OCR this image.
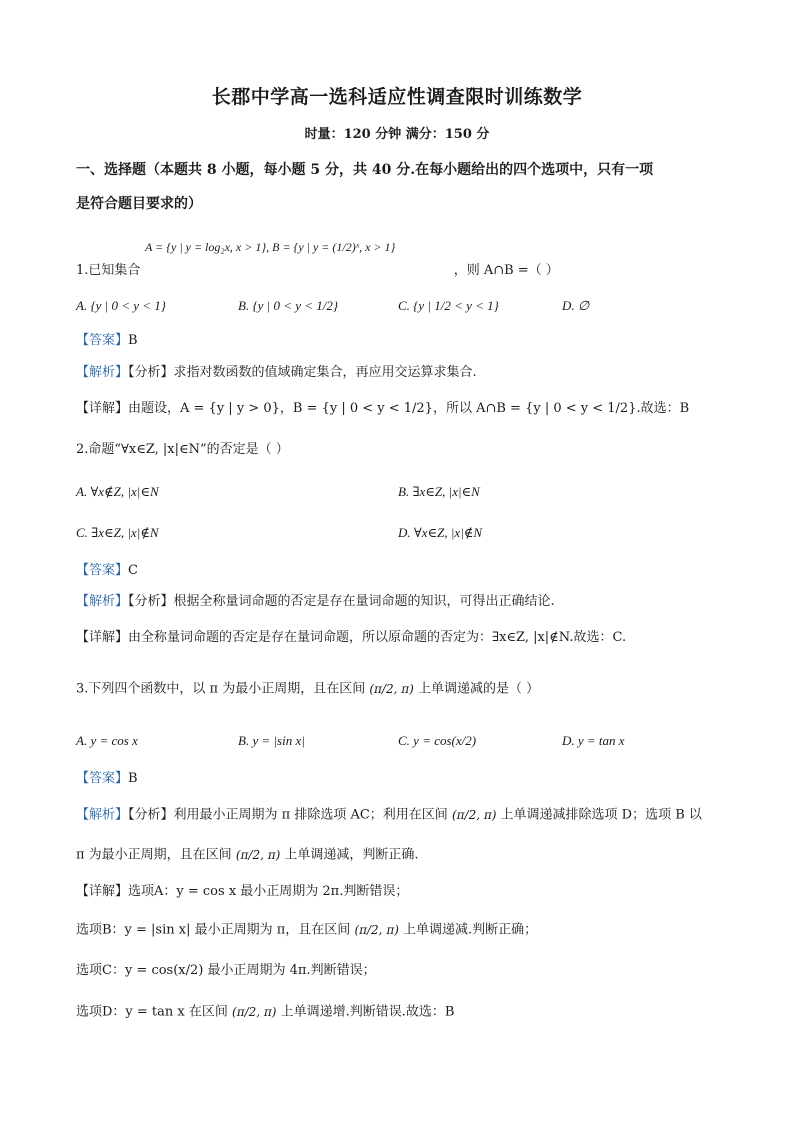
长郡中学高一选科适应性调查限时训练数学
时量：120 分钟 满分：150 分
一、选择题（本题共 8 小题，每小题 5 分，共 40 分.在每小题给出的四个选项中，只有一项
是符合题目要求的）
A = {y | y = log₂x, x > 1}, B = {y | y = (1/2)ˣ, x > 1}
1.已知集合	，则 A∩B =（ ）
A. {y | 0 < y < 1}	B. {y | 0 < y < 1/2}	C. {y | 1/2 < y < 1}	D. ∅
【答案】B
【解析】【分析】求指对数函数的值域确定集合，再应用交运算求集合.
【详解】由题设，A = {y | y > 0}，B = {y | 0 < y < 1/2}，所以 A∩B = {y | 0 < y < 1/2}.故选：B
2.命题“∀x∈Z, |x|∈N”的否定是（ ）
A. ∀x∉Z, |x|∈N	B. ∃x∈Z, |x|∈N
C. ∃x∈Z, |x|∉N	D. ∀x∈Z, |x|∉N
【答案】C
【解析】【分析】根据全称量词命题的否定是存在量词命题的知识，可得出正确结论.
【详解】由全称量词命题的否定是存在量词命题，所以原命题的否定为：∃x∈Z, |x|∉N.故选：C.
3.下列四个函数中，以 π 为最小正周期，且在区间 (π/2, π) 上单调递减的是（ ）
A. y = cos x	B. y = |sin x|	C. y = cos(x/2)	D. y = tan x
【答案】B
【解析】【分析】利用最小正周期为 π 排除选项 AC；利用在区间 (π/2, π) 上单调递减排除选项 D；选项 B 以
π 为最小正周期，且在区间 (π/2, π) 上单调递减，判断正确.
【详解】选项A：y = cos x 最小正周期为 2π.判断错误；
选项B：y = |sin x| 最小正周期为 π，且在区间 (π/2, π) 上单调递减.判断正确；
选项C：y = cos(x/2) 最小正周期为 4π.判断错误；
选项D：y = tan x 在区间 (π/2, π) 上单调递增.判断错误.故选：B
